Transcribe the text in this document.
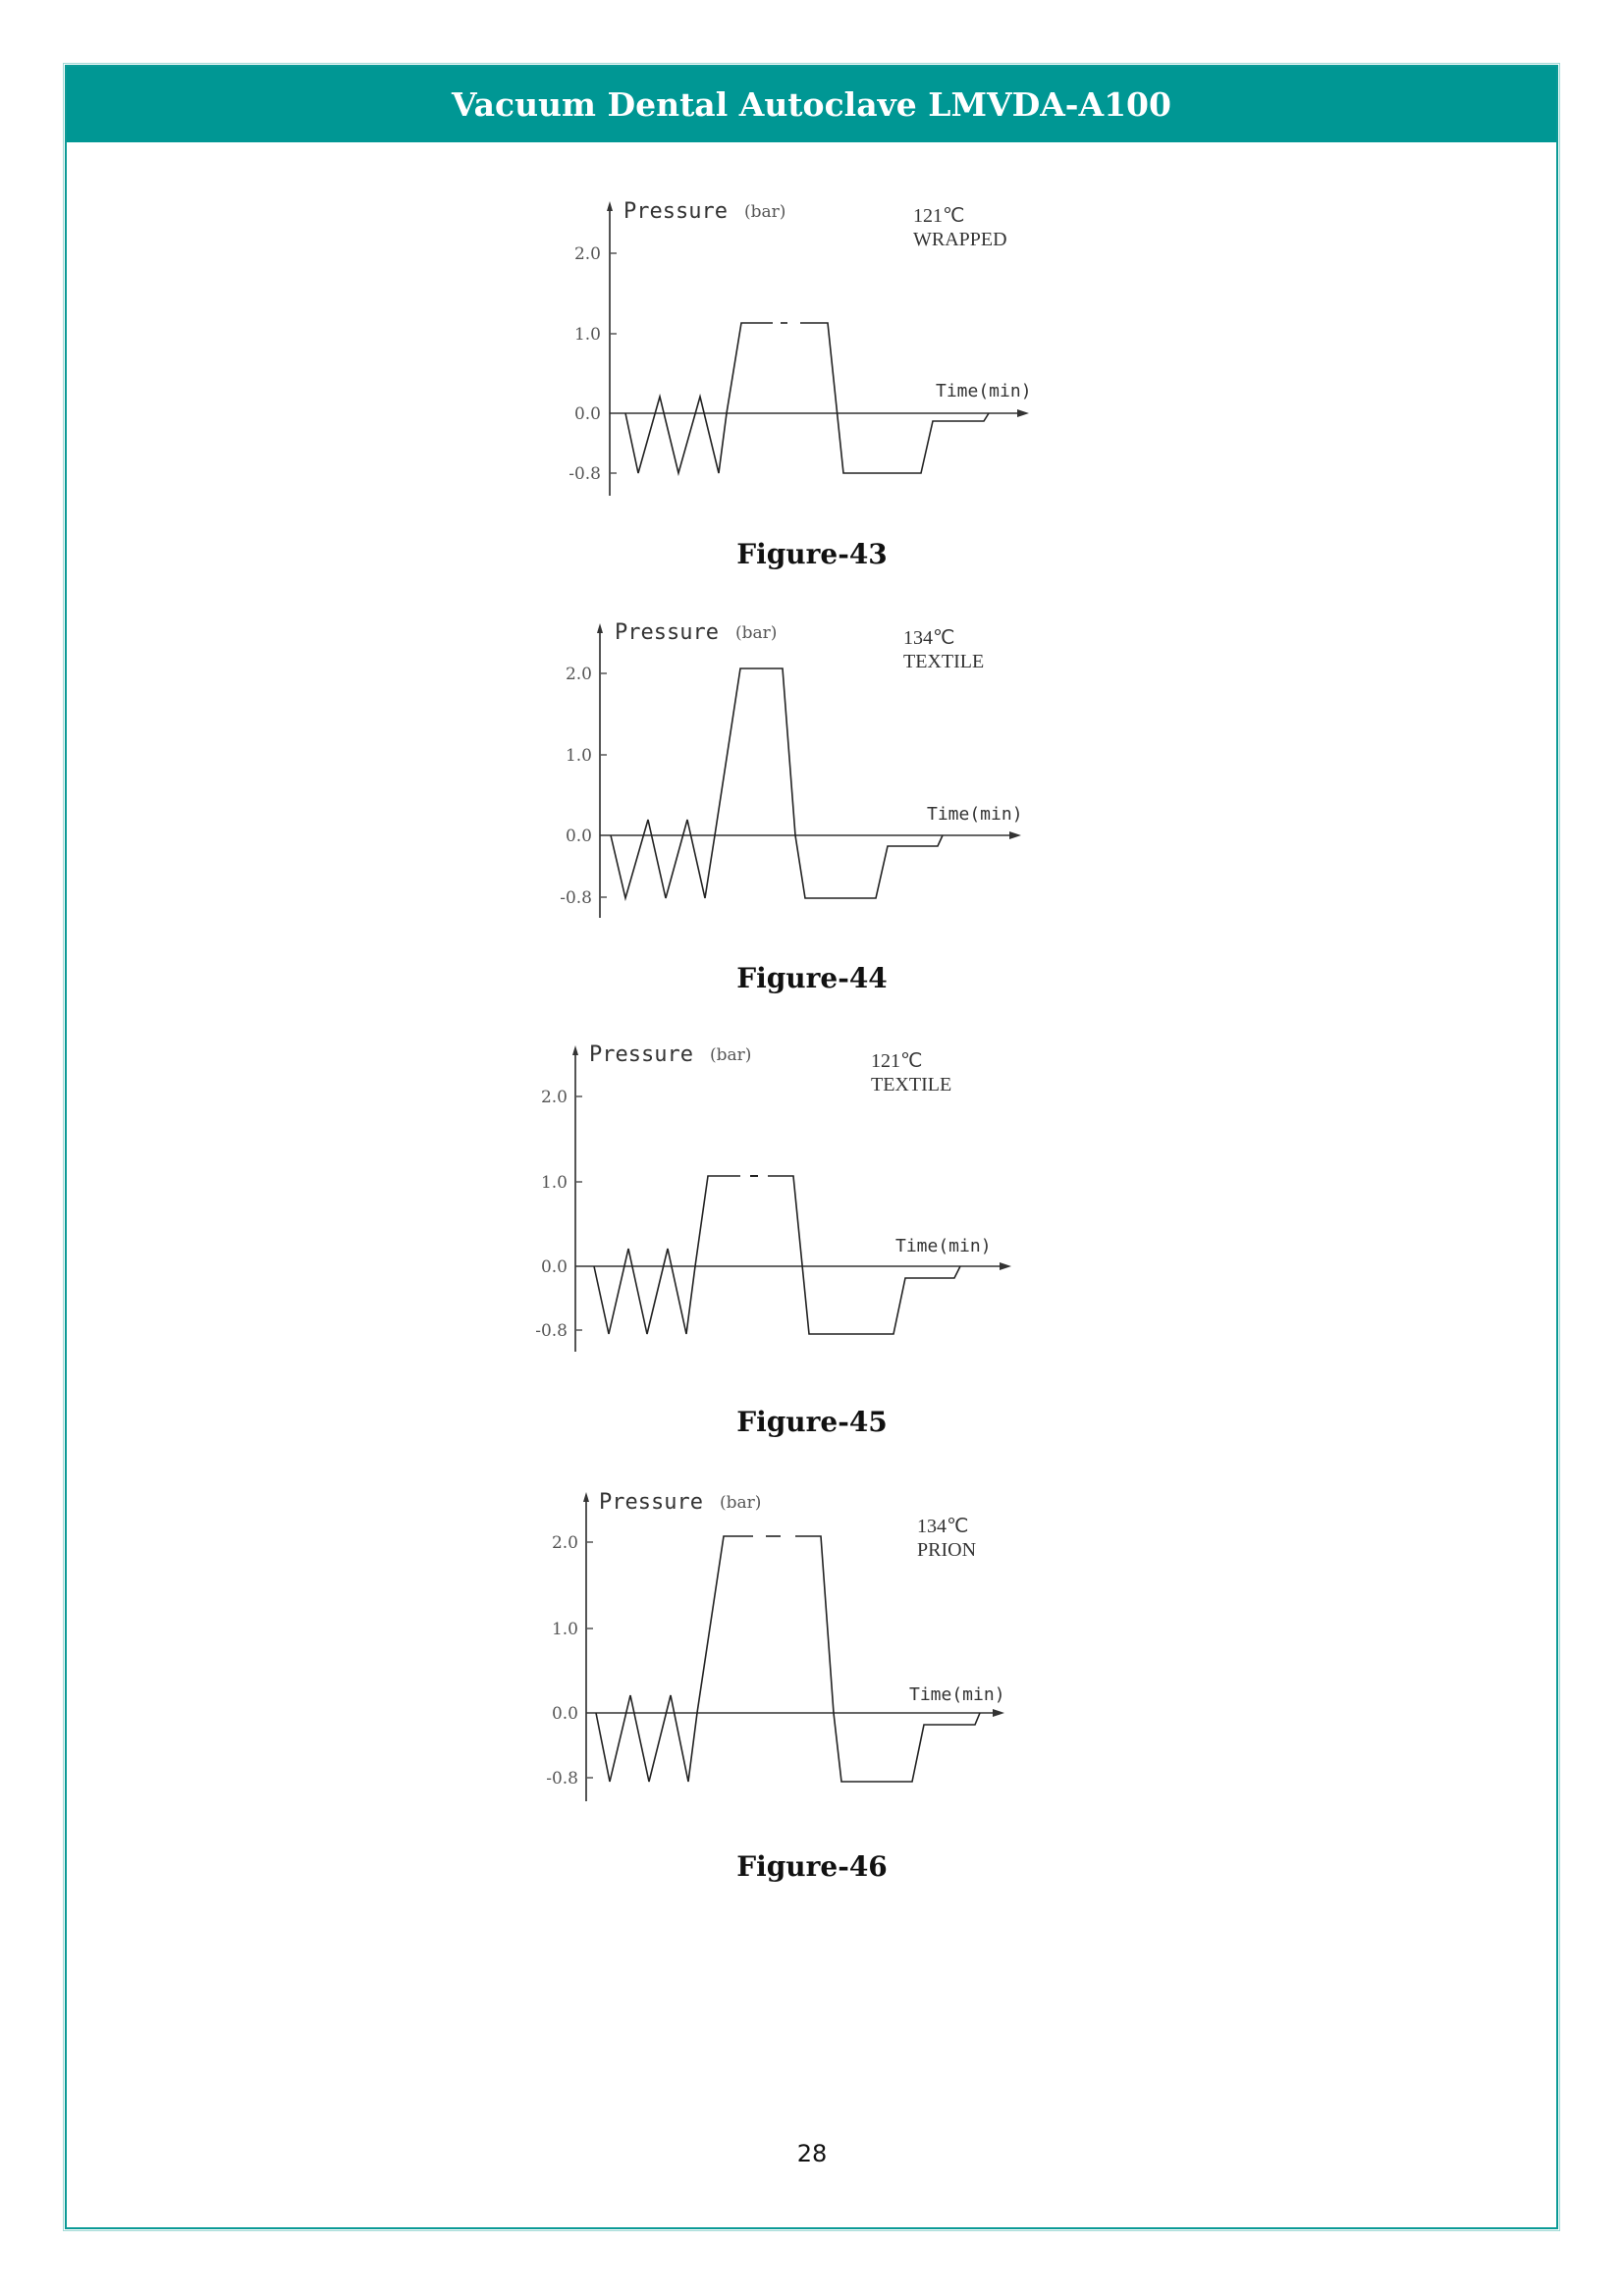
Vacuum Dental Autoclave LMVDA-A100
2.0
1.0
0.0
-0.8
Pressure (bar)	121℃
WRAPPED
Time(min)
Figure-43
2.0
1.0
0.0
-0.8
Pressure (bar)	134℃
TEXTILE
Time(min)
Figure-44
2.0
1.0
0.0
-0.8
Pressure (bar)	121℃
TEXTILE
Time(min)
Figure-45
2.0
1.0
0.0
-0.8
Pressure (bar)
134℃
PRION
Time(min)
Figure-46
28
